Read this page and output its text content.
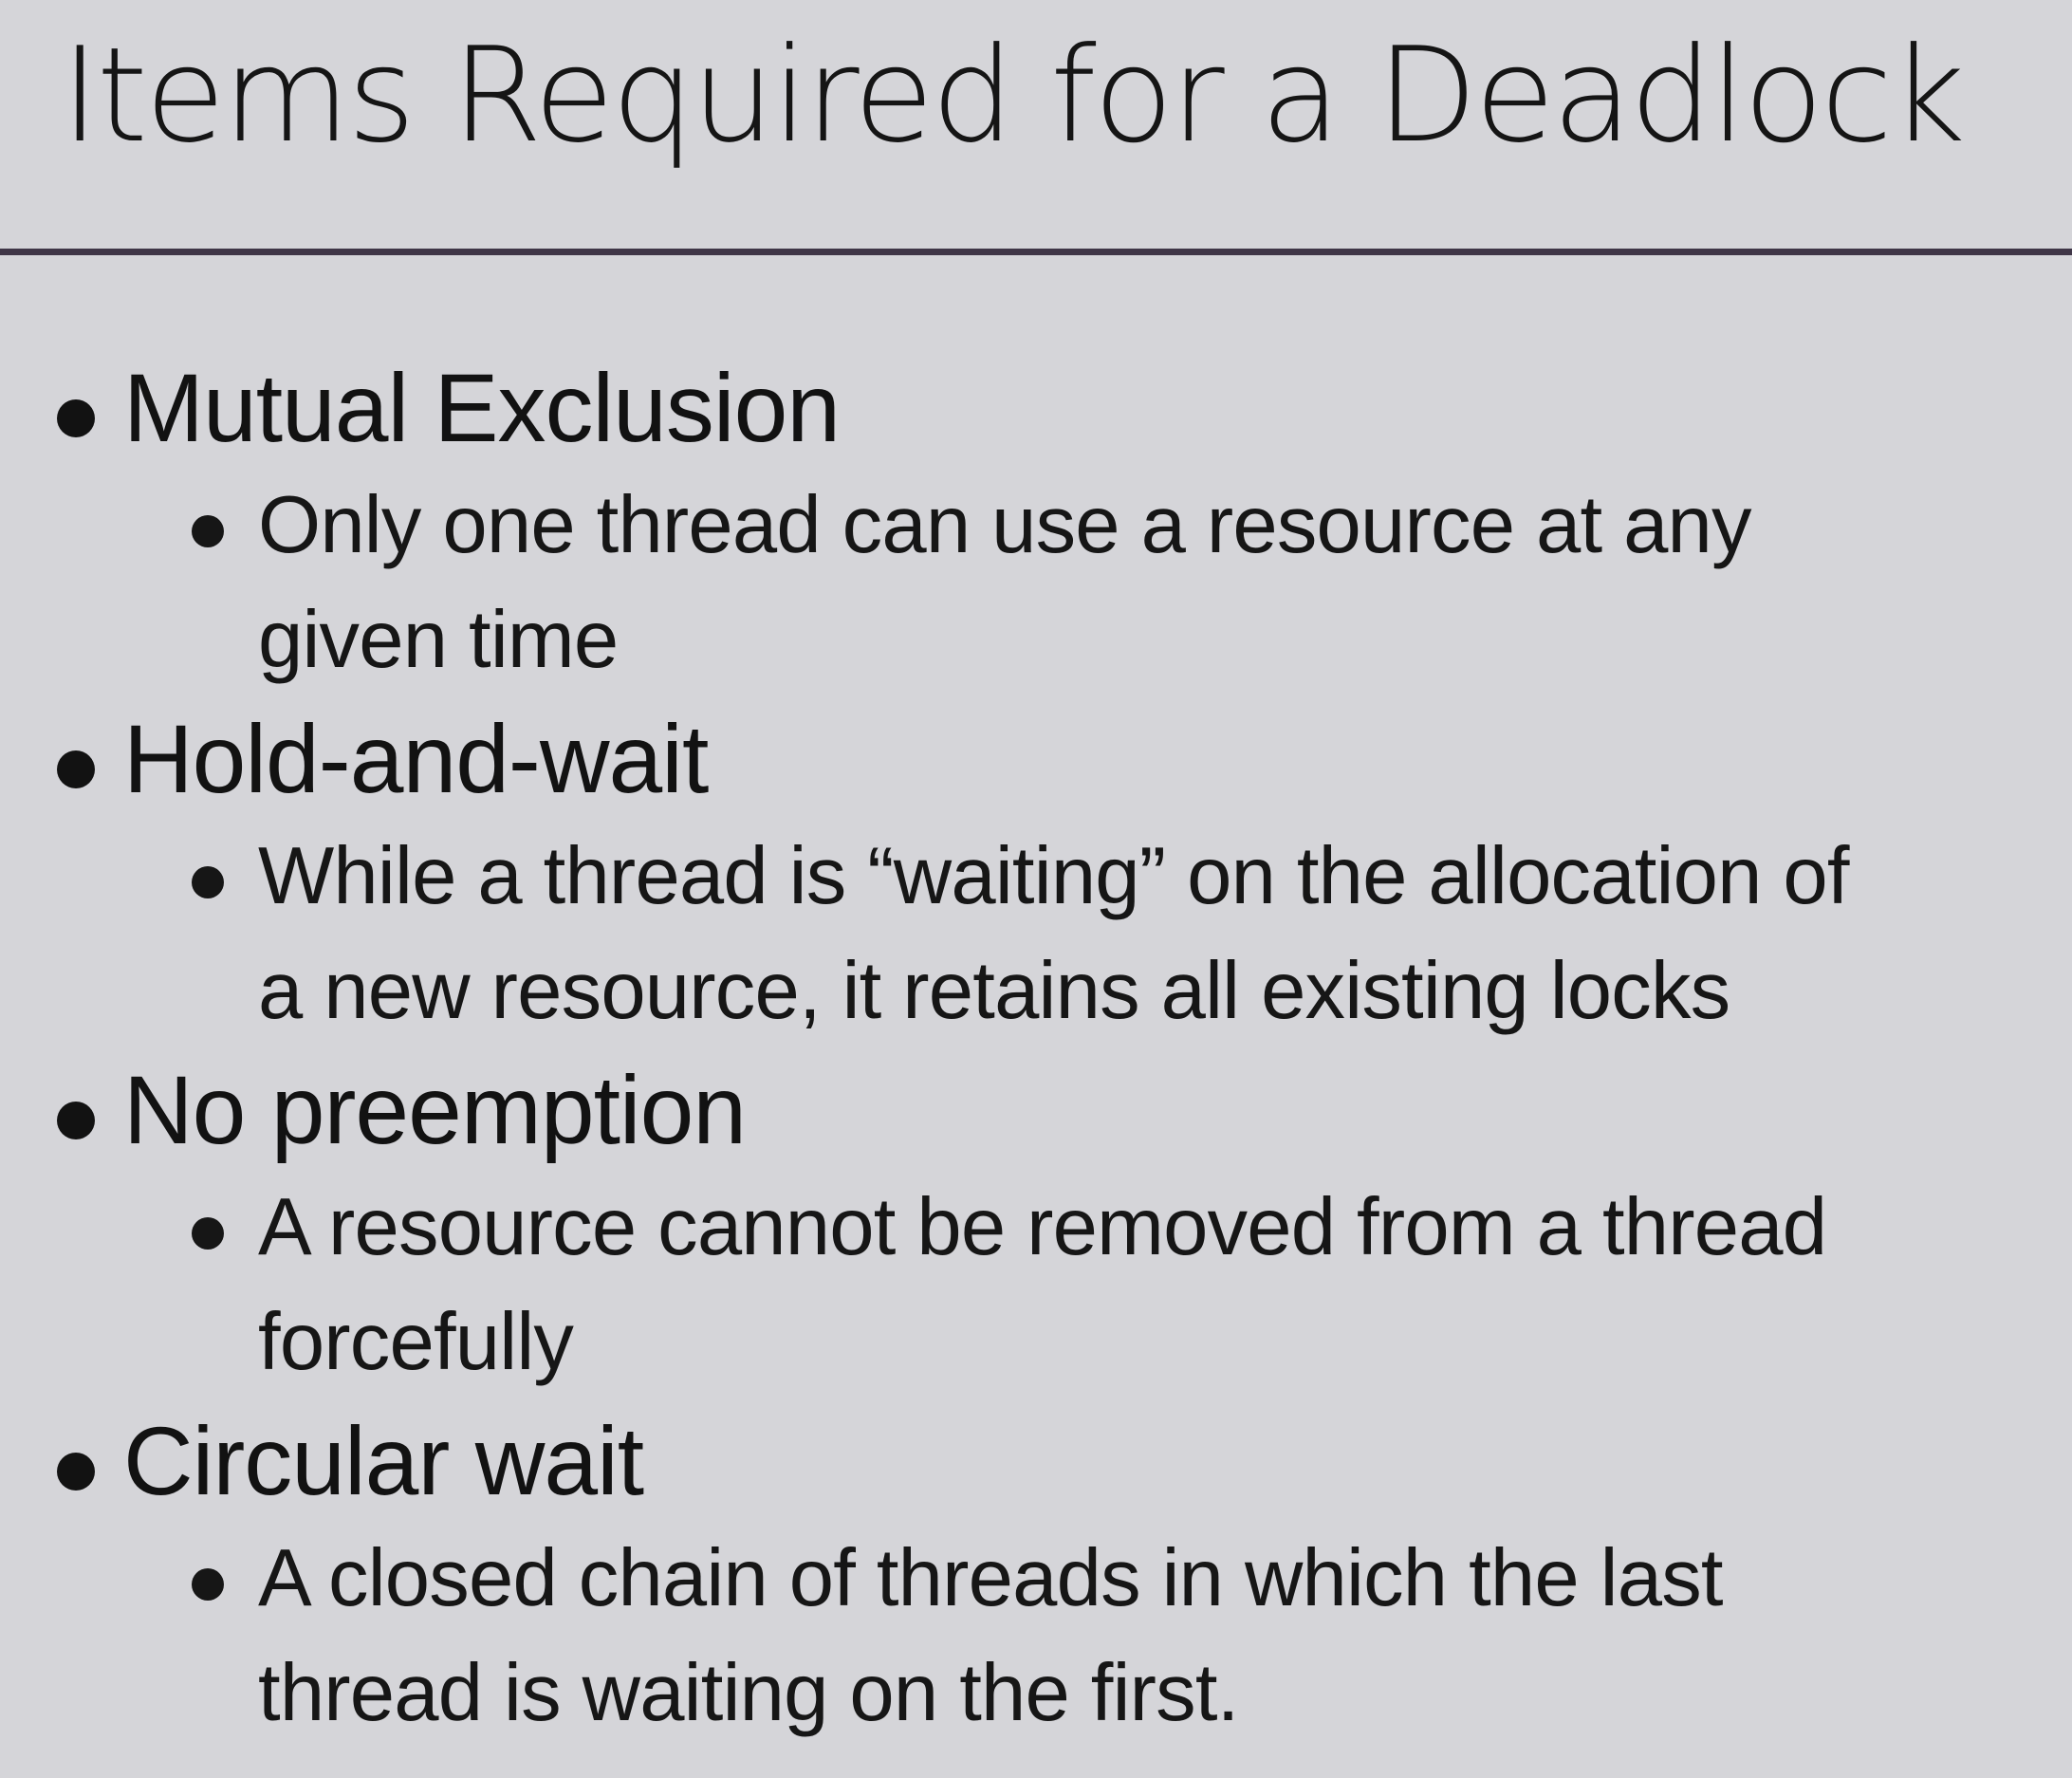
Items Required for a Deadlock
Mutual Exclusion
Only one thread can use a resource at any
given time
Hold-and-wait
While a thread is “waiting” on the allocation of
a new resource, it retains all existing locks
No preemption
A resource cannot be removed from a thread
forcefully
Circular wait
A closed chain of threads in which the last
thread is waiting on the first.
